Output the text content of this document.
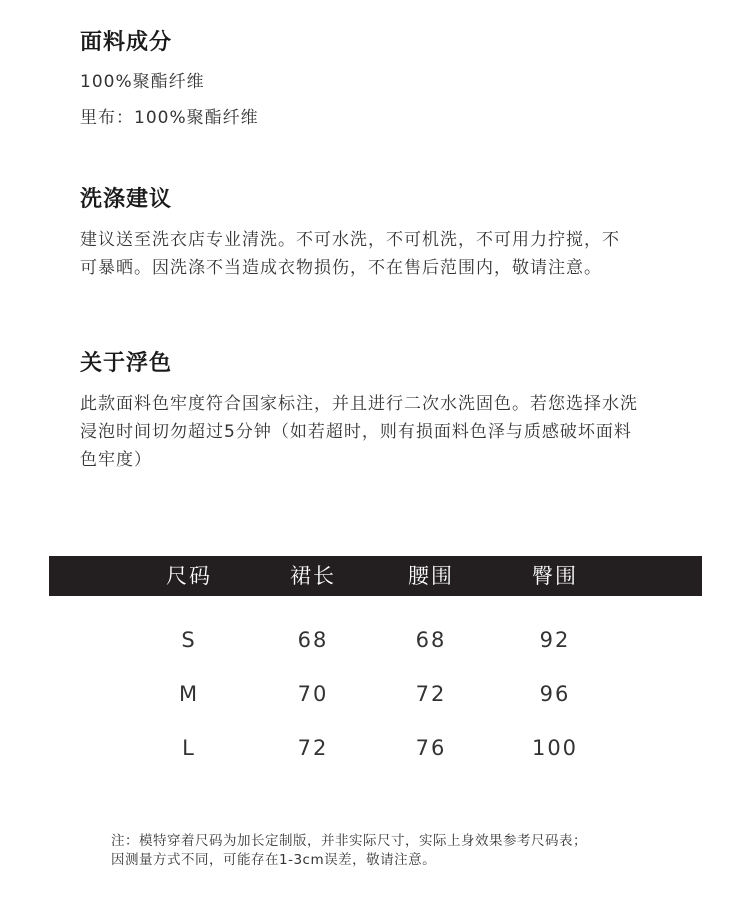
面料成分
100%聚酯纤维
里布：100%聚酯纤维
洗涤建议
建议送至洗衣店专业清洗。不可水洗，不可机洗，不可用力拧搅，不
可暴晒。因洗涤不当造成衣物损伤，不在售后范围内，敬请注意。
关于浮色
此款面料色牢度符合国家标注，并且进行二次水洗固色。若您选择水洗
浸泡时间切勿超过5分钟（如若超时，则有损面料色泽与质感破坏面料
色牢度）
尺码	裙长	腰围	臀围
S	68	68	92
M	70	72	96
L	72	76	100
注：模特穿着尺码为加长定制版，并非实际尺寸，实际上身效果参考尺码表；
因测量方式不同，可能存在1-3cm误差，敬请注意。
